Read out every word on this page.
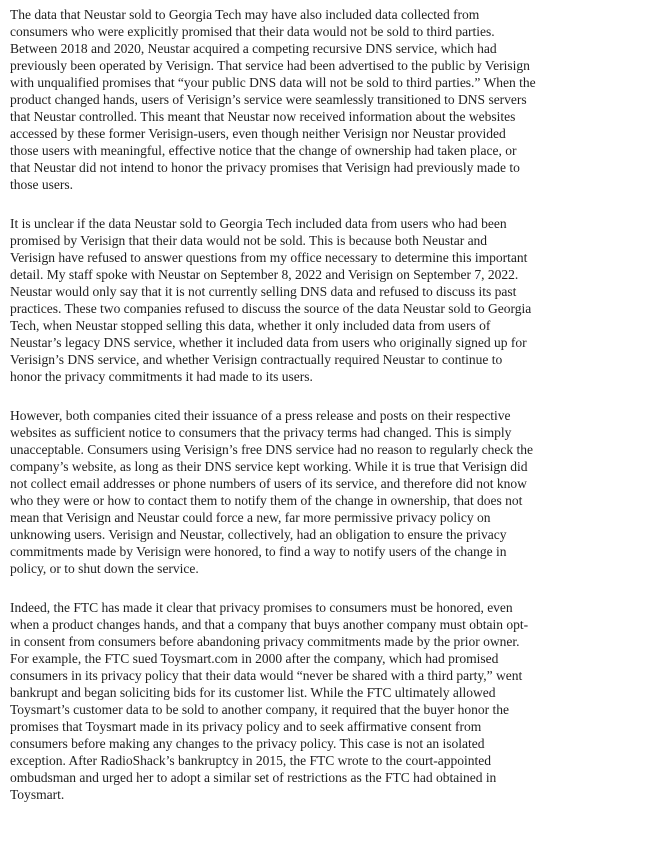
The data that Neustar sold to Georgia Tech may have also included data collected from
consumers who were explicitly promised that their data would not be sold to third parties.
Between 2018 and 2020, Neustar acquired a competing recursive DNS service, which had
previously been operated by Verisign. That service had been advertised to the public by Verisign
with unqualified promises that “your public DNS data will not be sold to third parties.” When the
product changed hands, users of Verisign’s service were seamlessly transitioned to DNS servers
that Neustar controlled. This meant that Neustar now received information about the websites
accessed by these former Verisign-users, even though neither Verisign nor Neustar provided
those users with meaningful, effective notice that the change of ownership had taken place, or
that Neustar did not intend to honor the privacy promises that Verisign had previously made to
those users.

It is unclear if the data Neustar sold to Georgia Tech included data from users who had been
promised by Verisign that their data would not be sold. This is because both Neustar and
Verisign have refused to answer questions from my office necessary to determine this important
detail. My staff spoke with Neustar on September 8, 2022 and Verisign on September 7, 2022.
Neustar would only say that it is not currently selling DNS data and refused to discuss its past
practices. These two companies refused to discuss the source of the data Neustar sold to Georgia
Tech, when Neustar stopped selling this data, whether it only included data from users of
Neustar’s legacy DNS service, whether it included data from users who originally signed up for
Verisign’s DNS service, and whether Verisign contractually required Neustar to continue to
honor the privacy commitments it had made to its users.

However, both companies cited their issuance of a press release and posts on their respective
websites as sufficient notice to consumers that the privacy terms had changed. This is simply
unacceptable. Consumers using Verisign’s free DNS service had no reason to regularly check the
company’s website, as long as their DNS service kept working. While it is true that Verisign did
not collect email addresses or phone numbers of users of its service, and therefore did not know
who they were or how to contact them to notify them of the change in ownership, that does not
mean that Verisign and Neustar could force a new, far more permissive privacy policy on
unknowing users. Verisign and Neustar, collectively, had an obligation to ensure the privacy
commitments made by Verisign were honored, to find a way to notify users of the change in
policy, or to shut down the service.

Indeed, the FTC has made it clear that privacy promises to consumers must be honored, even
when a product changes hands, and that a company that buys another company must obtain opt-
in consent from consumers before abandoning privacy commitments made by the prior owner.
For example, the FTC sued Toysmart.com in 2000 after the company, which had promised
consumers in its privacy policy that their data would “never be shared with a third party,” went
bankrupt and began soliciting bids for its customer list. While the FTC ultimately allowed
Toysmart’s customer data to be sold to another company, it required that the buyer honor the
promises that Toysmart made in its privacy policy and to seek affirmative consent from
consumers before making any changes to the privacy policy. This case is not an isolated
exception. After RadioShack’s bankruptcy in 2015, the FTC wrote to the court-appointed
ombudsman and urged her to adopt a similar set of restrictions as the FTC had obtained in
Toysmart.
